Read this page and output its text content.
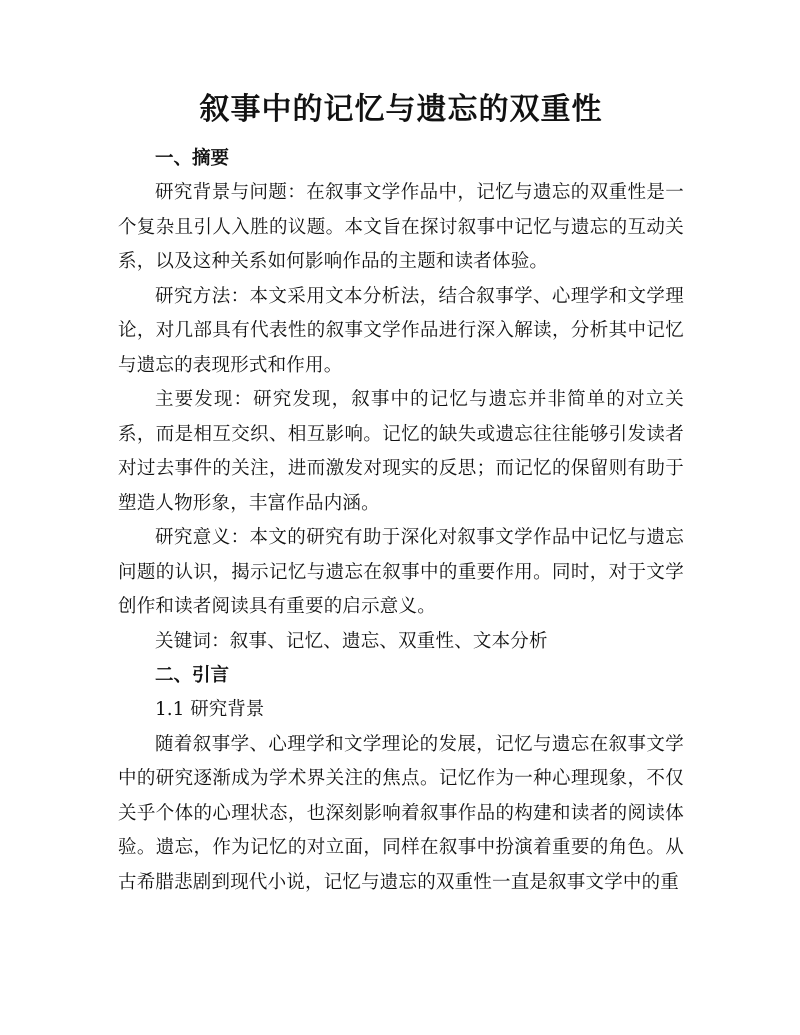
叙事中的记忆与遗忘的双重性
一、摘要

研究背景与问题：在叙事文学作品中，记忆与遗忘的双重性是一个复杂且引人入胜的议题。本文旨在探讨叙事中记忆与遗忘的互动关系，以及这种关系如何影响作品的主题和读者体验。

研究方法：本文采用文本分析法，结合叙事学、心理学和文学理论，对几部具有代表性的叙事文学作品进行深入解读，分析其中记忆与遗忘的表现形式和作用。

主要发现：研究发现，叙事中的记忆与遗忘并非简单的对立关系，而是相互交织、相互影响。记忆的缺失或遗忘往往能够引发读者对过去事件的关注，进而激发对现实的反思；而记忆的保留则有助于塑造人物形象，丰富作品内涵。

研究意义：本文的研究有助于深化对叙事文学作品中记忆与遗忘问题的认识，揭示记忆与遗忘在叙事中的重要作用。同时，对于文学创作和读者阅读具有重要的启示意义。

关键词：叙事、记忆、遗忘、双重性、文本分析

二、引言

1.1 研究背景

随着叙事学、心理学和文学理论的发展，记忆与遗忘在叙事文学中的研究逐渐成为学术界关注的焦点。记忆作为一种心理现象，不仅关乎个体的心理状态，也深刻影响着叙事作品的构建和读者的阅读体验。遗忘，作为记忆的对立面，同样在叙事中扮演着重要的角色。从古希腊悲剧到现代小说，记忆与遗忘的双重性一直是叙事文学中的重
